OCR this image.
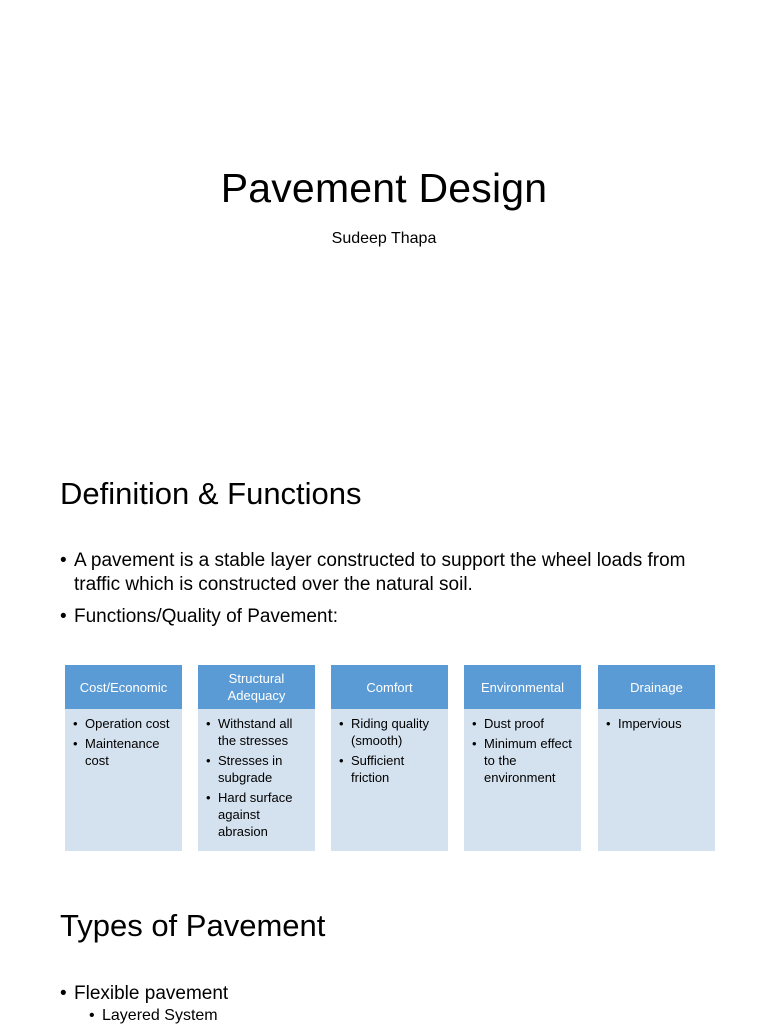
Pavement Design
Sudeep Thapa
Definition & Functions
• A pavement is a stable layer constructed to support the wheel loads from traffic which is constructed over the natural soil.
• Functions/Quality of Pavement:
Cost/Economic
• Operation cost
• Maintenance cost
Structural Adequacy
• Withstand all the stresses
• Stresses in subgrade
• Hard surface against abrasion
Comfort
• Riding quality (smooth)
• Sufficient friction
Environmental
• Dust proof
• Minimum effect to the environment
Drainage
• Impervious
Types of Pavement
• Flexible pavement
• Layered System
